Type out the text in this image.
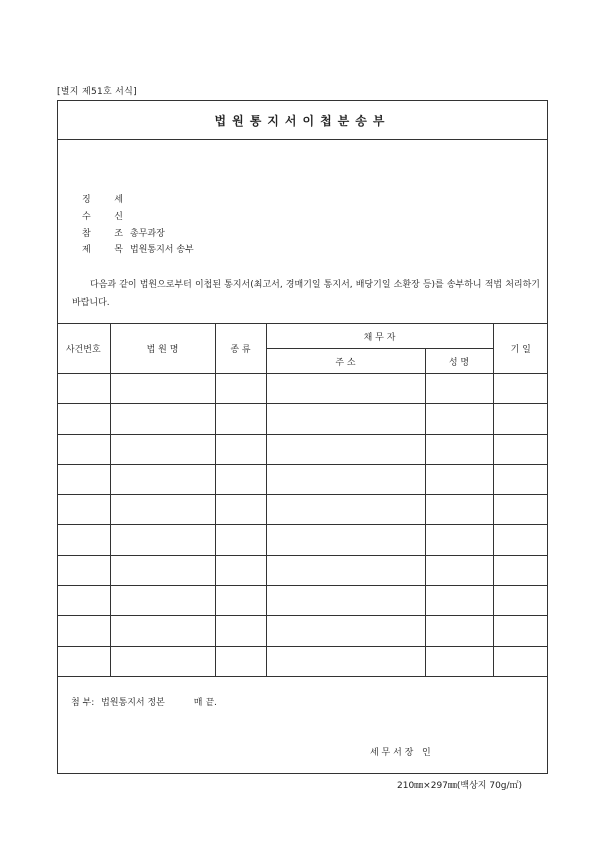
[별지 제51호 서식]
법원통지서이첩분송부
징	세
수	신
참	조 총무과장
제	목 법원통지서 송부
다음과 같이 법원으로부터 이첩된 통지서(최고서, 경매기일 통지서, 배당기일 소환장 등)를 송부하니 적법 처리하기 바랍니다.
사건번호	법 원 명	종 류	채 무 자		기 일
			주 소	성 명	

첨 부: 법원통지서 정본	매 끝.
세 무 서 장   인
210㎜×297㎜(백상지 70g/㎡)
